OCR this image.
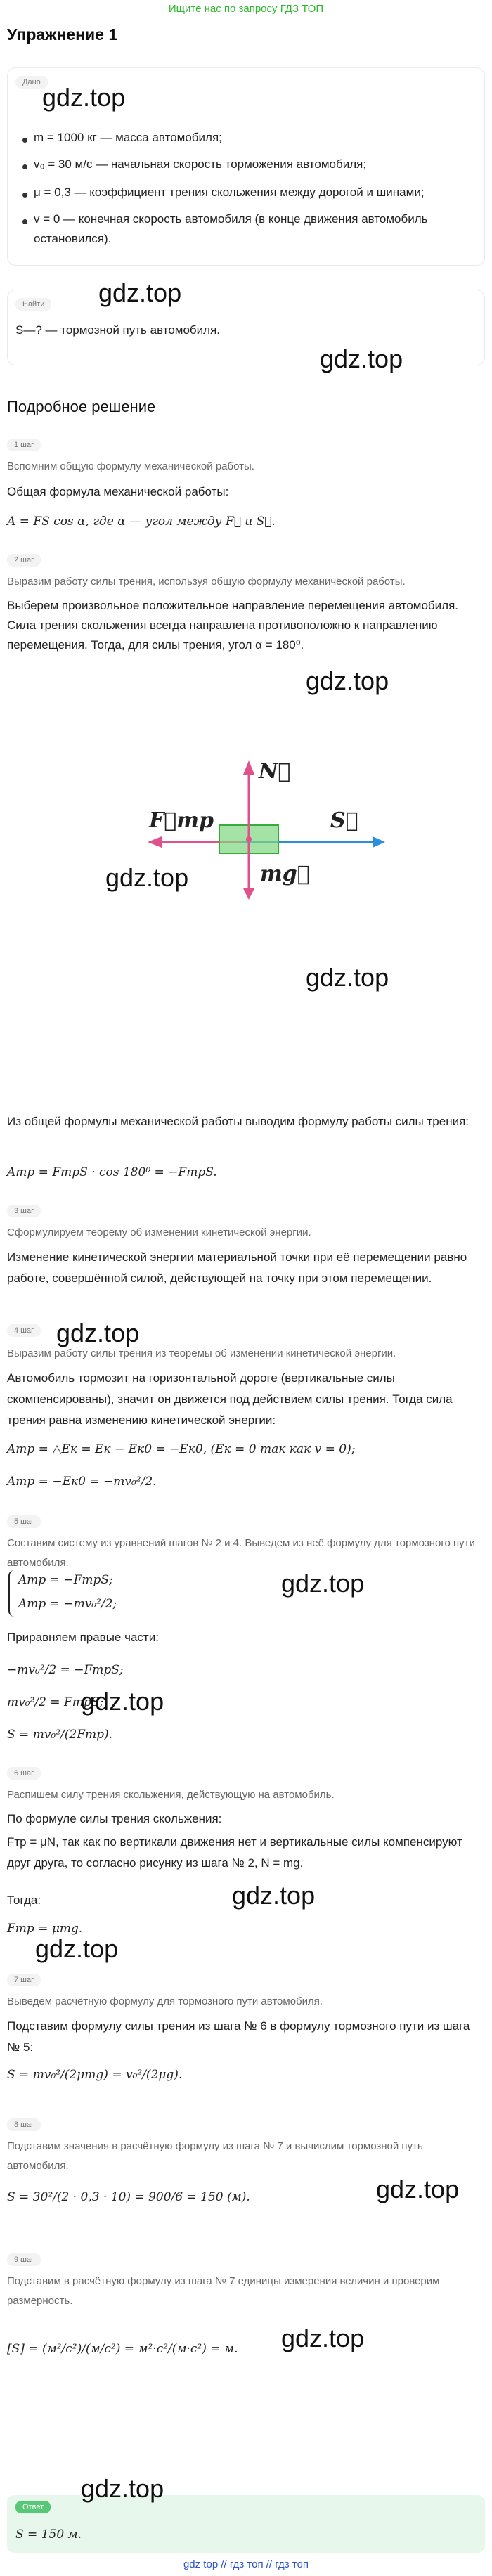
Ищите нас по запросу ГДЗ ТОП
Упражнение 1
Дано
gdz.top
m = 1000 кг — масса автомобиля;
v₀ = 30 м/с — начальная скорость торможения автомобиля;
μ = 0,3 — коэффициент трения скольжения между дорогой и шинами;
v = 0 — конечная скорость автомобиля (в конце движения автомобиль остановился).
gdz.top
Найти
S—? — тормозной путь автомобиля.
gdz.top
Подробное решение
1 шаг
Вспомним общую формулу механической работы.
Общая формула механической работы:
A = FS cos α, где α — угол между F⃗ и S⃗.
2 шаг
Выразим работу силы трения, используя общую формулу механической работы.
Выберем произвольное положительное направление перемещения автомобиля. Сила трения скольжения всегда направлена противоположно к направлению перемещения. Тогда, для силы трения, угол α = 180⁰.
gdz.top
N⃗
F⃗тр	S⃗
mg⃗
gdz.top
gdz.top
Из общей формулы механической работы выводим формулу работы силы трения:
Aтр = FтрS · cos 180⁰ = −FтрS.
3 шаг
Сформулируем теорему об изменении кинетической энергии.
Изменение кинетической энергии материальной точки при её перемещении равно работе, совершённой силой, действующей на точку при этом перемещении.
4 шаг gdz.top
Выразим работу силы трения из теоремы об изменении кинетической энергии.
Автомобиль тормозит на горизонтальной дороге (вертикальные силы скомпенсированы), значит он движется под действием силы трения. Тогда сила трения равна изменению кинетической энергии:
Aтр = △Eк = Eк − Eк0 = −Eк0, (Eк = 0 так как v = 0);
Aтр = −Eк0 = −mv₀²/2.
5 шаг
Составим систему из уравнений шагов № 2 и 4. Выведем из неё формулу для тормозного пути автомобиля.
Aтр = −FтрS;
Aтр = −mv₀²/2;
gdz.top
Приравняем правые части:
−mv₀²/2 = −FтрS;
mv₀²/2 = FтрS;
gdz.top
S = mv₀²/(2Fтр).
6 шаг
Распишем силу трения скольжения, действующую на автомобиль.
По формуле силы трения скольжения:
Fтр = μN, так как по вертикали движения нет и вертикальные силы компенсируют друг друга, то согласно рисунку из шага № 2, N = mg.
gdz.top
Тогда:
Fтр = μmg.
gdz.top
7 шаг
Выведем расчётную формулу для тормозного пути автомобиля.
Подставим формулу силы трения из шага № 6 в формулу тормозного пути из шага № 5:
S = mv₀²/(2μmg) = v₀²/(2μg).
8 шаг
Подставим значения в расчётную формулу из шага № 7 и вычислим тормозной путь автомобиля.
S = 30²/(2 · 0,3 · 10) = 900/6 = 150 (м).	gdz.top
9 шаг
Подставим в расчётную формулу из шага № 7 единицы измерения величин и проверим размерность.
[S] = (м²/с²)/(м/с²) = м²·с²/(м·с²) = м. gdz.top
Ответ
gdz.top
S = 150 м.
gdz top // гдз топ // гдз топ
